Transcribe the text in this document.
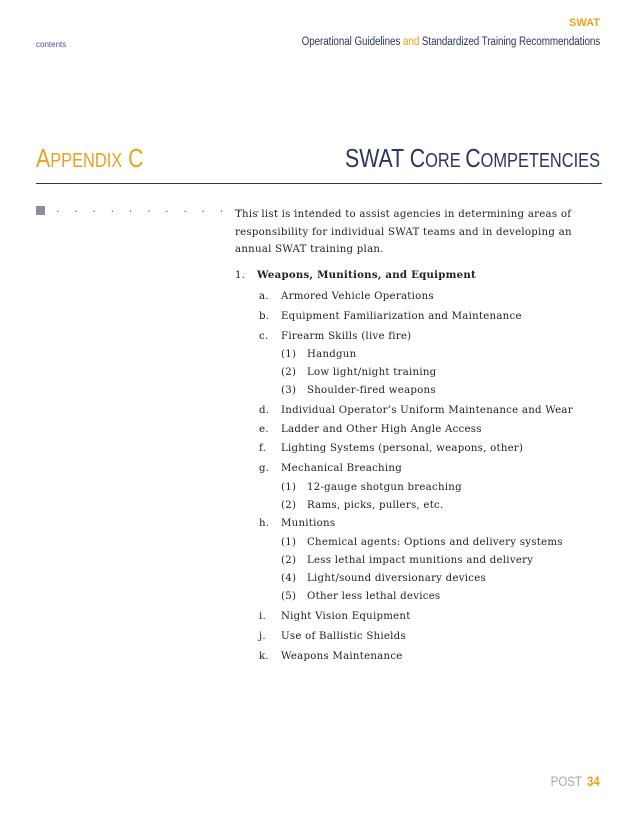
contents
SWAT
Operational Guidelines and Standardized Training Recommendations
APPENDIX C	SWAT CORE COMPETENCIES
. . . . . . . . . . . . . . .
This list is intended to assist agencies in determining areas of responsibility for individual SWAT teams and in developing an annual SWAT training plan.
1. Weapons, Munitions, and Equipment
a. Armored Vehicle Operations
b. Equipment Familiarization and Maintenance
c. Firearm Skills (live fire)
(1) Handgun
(2) Low light/night training
(3) Shoulder-fired weapons
d. Individual Operator’s Uniform Maintenance and Wear
e. Ladder and Other High Angle Access
f. Lighting Systems (personal, weapons, other)
g. Mechanical Breaching
(1) 12-gauge shotgun breaching
(2) Rams, picks, pullers, etc.
h. Munitions
(1) Chemical agents: Options and delivery systems
(2) Less lethal impact munitions and delivery
(4) Light/sound diversionary devices
(5) Other less lethal devices
i. Night Vision Equipment
j. Use of Ballistic Shields
k. Weapons Maintenance
POST 34
